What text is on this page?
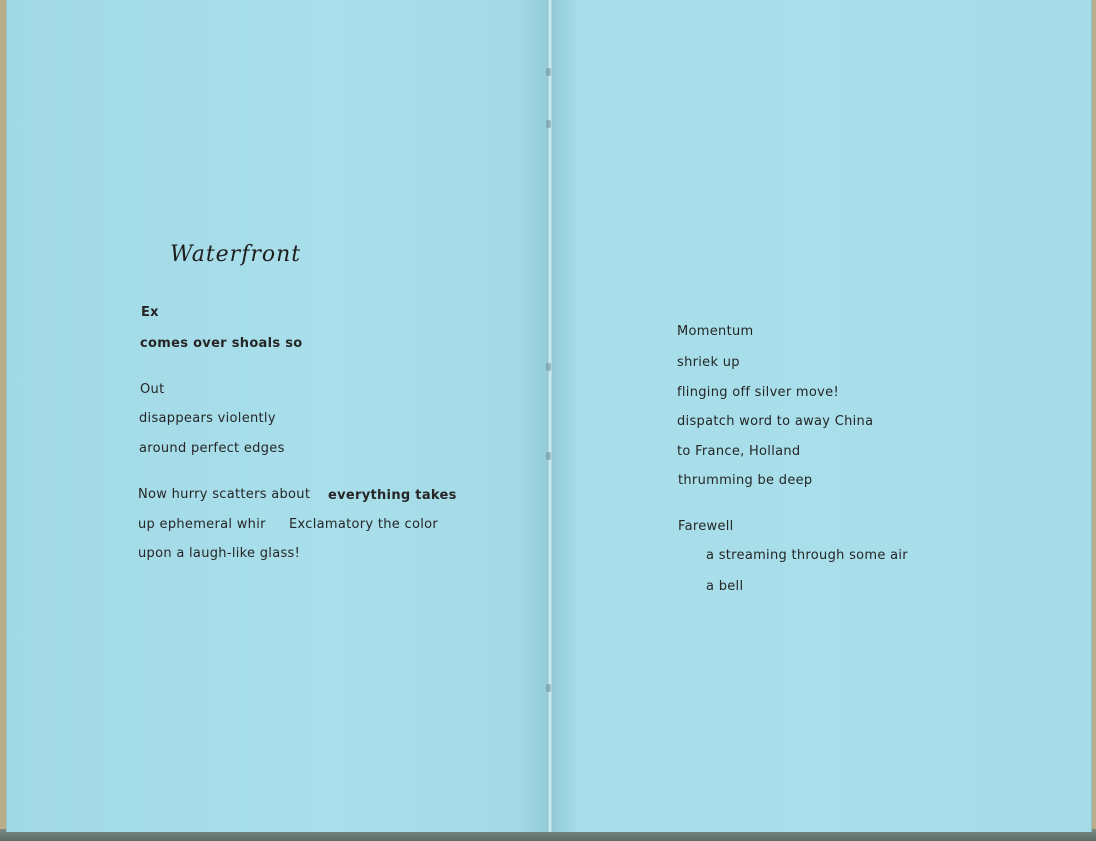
Waterfront
Ex
comes over shoals so
Out
disappears violently
around perfect edges
Now hurry scatters about everything takes
up ephemeral whir Exclamatory the color
upon a laugh-like glass!
Momentum
shriek up
flinging off silver move!
dispatch word to away China
to France, Holland
thrumming be deep
Farewell
a streaming through some air
a bell
